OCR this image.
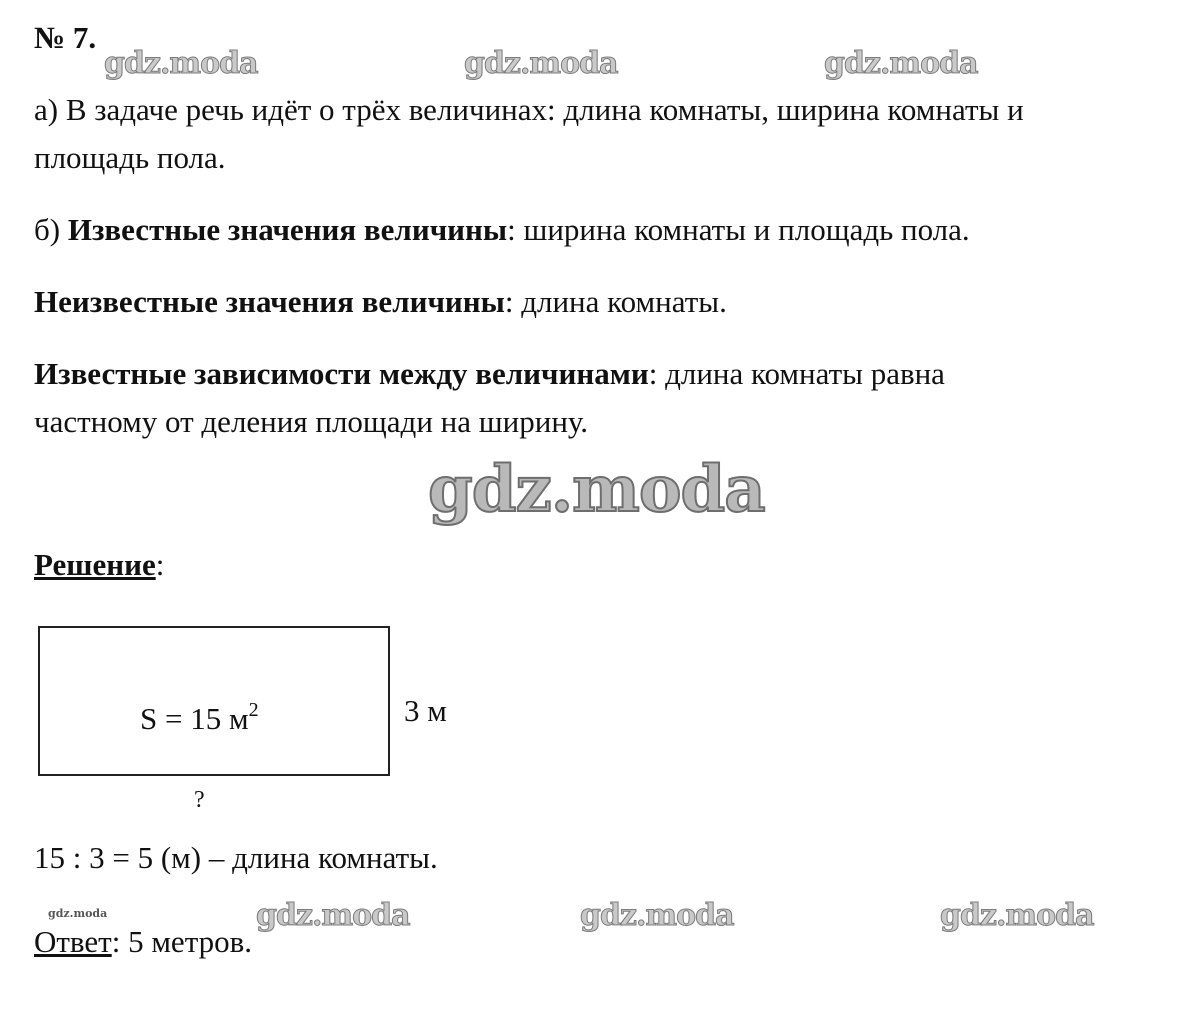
№ 7.
gdz.moda	gdz.moda	gdz.moda
а) В задаче речь идёт о трёх величинах: длина комнаты, ширина комнаты и
площадь пола.
б) Известные значения величины: ширина комнаты и площадь пола.
Неизвестные значения величины: длина комнаты.
Известные зависимости между величинами: длина комнаты равна
частному от деления площади на ширину.
gdz.moda
Решение:
S = 15 $м^2$	3 м
?
15 : 3 = 5 (м) – длина комнаты.
gdz.moda	gdz.moda	gdz.moda	gdz.moda
Ответ: 5 метров.
